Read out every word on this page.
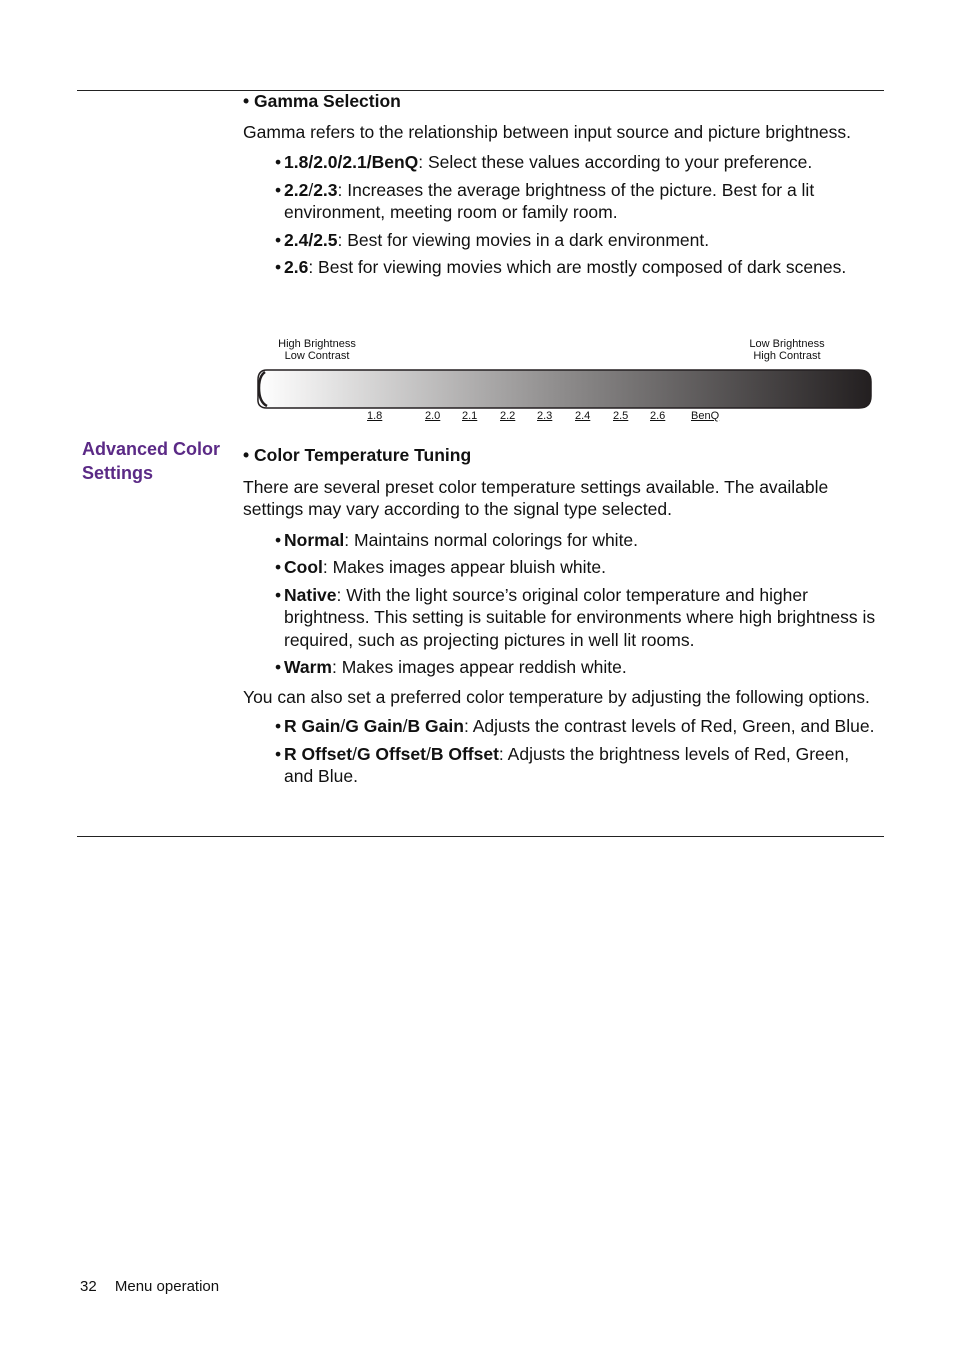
• Gamma Selection

Gamma refers to the relationship between input source and picture brightness.

• 1.8/2.0/2.1/BenQ: Select these values according to your preference.

• 2.2/2.3: Increases the average brightness of the picture. Best for a lit environment, meeting room or family room.

• 2.4/2.5: Best for viewing movies in a dark environment.

• 2.6: Best for viewing movies which are mostly composed of dark scenes.

High Brightness
Low Contrast
Low Brightness
High Contrast
1.8	2.0 2.1 2.2 2.3 2.4 2.5 2.6 BenQ
Advanced Color Settings

• Color Temperature Tuning

There are several preset color temperature settings available. The available settings may vary according to the signal type selected.

• Normal: Maintains normal colorings for white.

• Cool: Makes images appear bluish white.

• Native: With the light source’s original color temperature and higher brightness. This setting is suitable for environments where high brightness is required, such as projecting pictures in well lit rooms.

• Warm: Makes images appear reddish white.

You can also set a preferred color temperature by adjusting the following options.

• R Gain/G Gain/B Gain: Adjusts the contrast levels of Red, Green, and Blue.

• R Offset/G Offset/B Offset: Adjusts the brightness levels of Red, Green, and Blue.

32 Menu operation
